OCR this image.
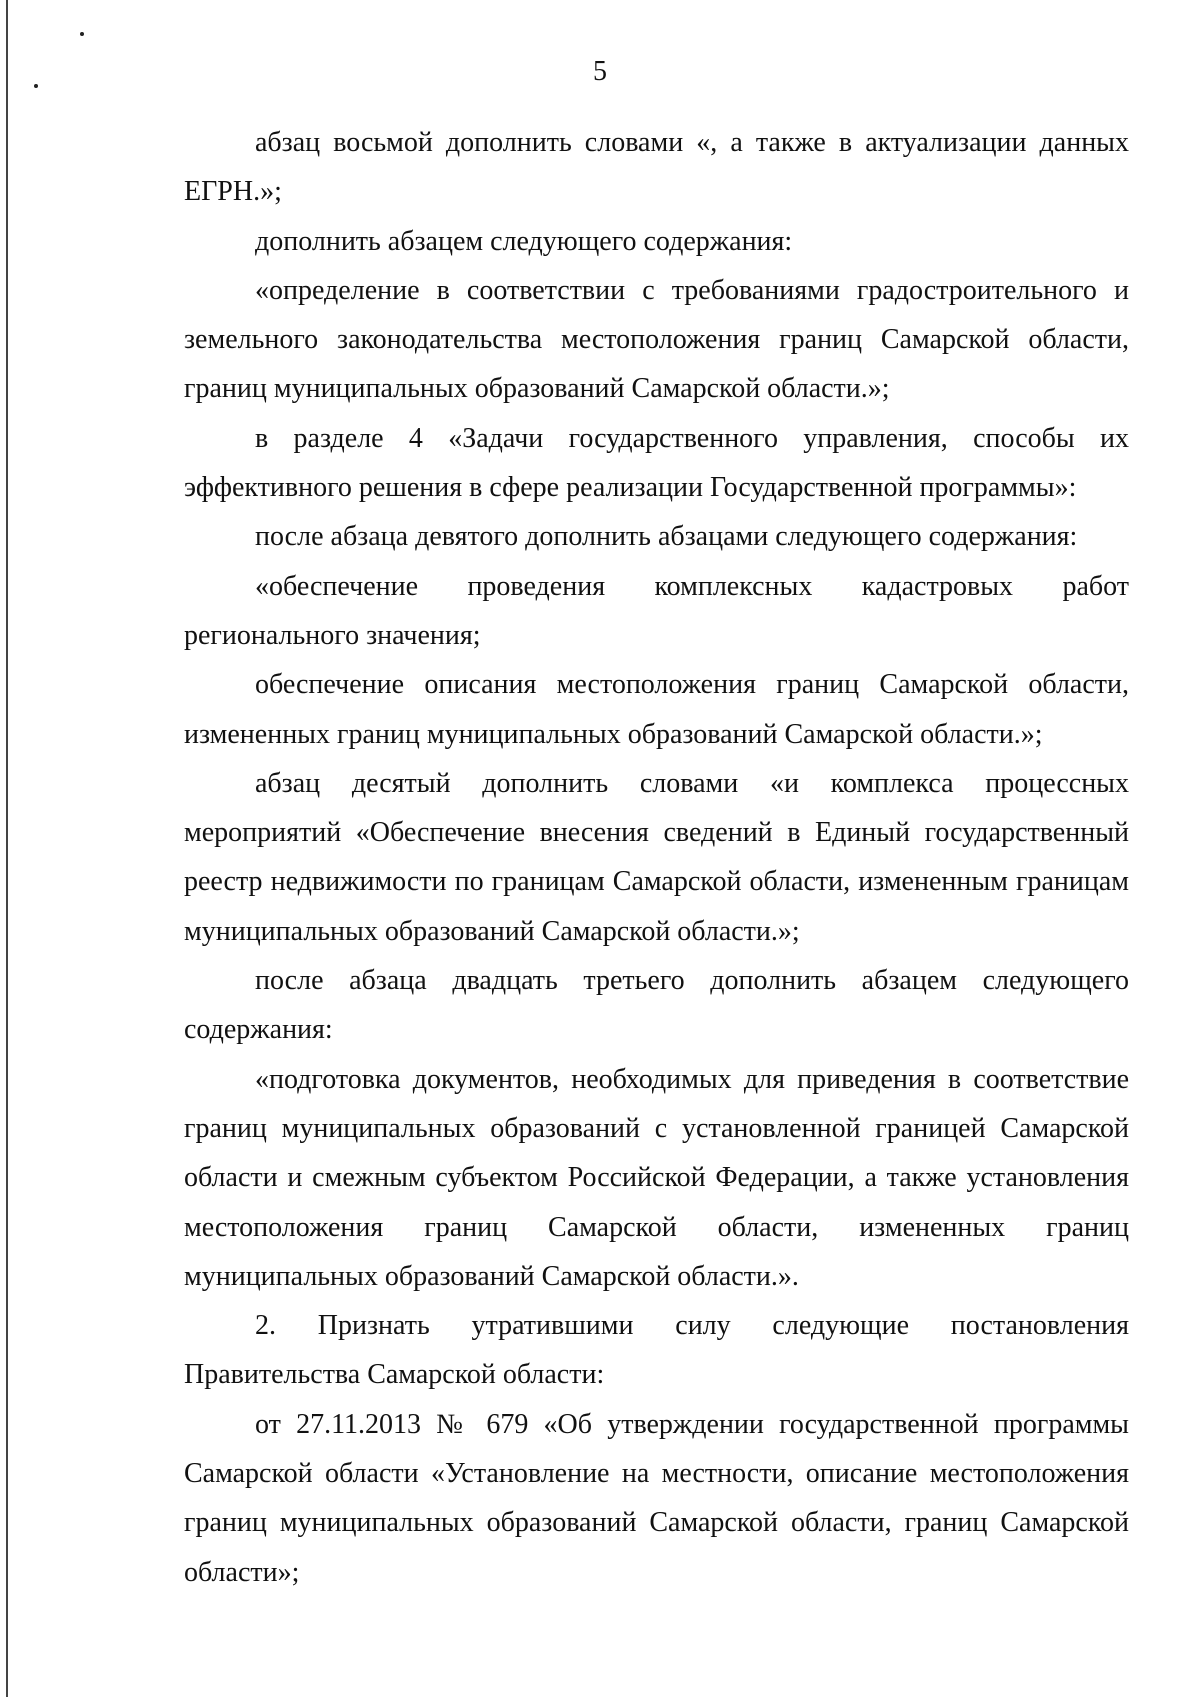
5

абзац восьмой дополнить словами «, а также в актуализации данных ЕГРН.»;

дополнить абзацем следующего содержания:

«определение в соответствии с требованиями градостроительного и земельного законодательства местоположения границ Самарской области, границ муниципальных образований Самарской области.»;

в разделе 4 «Задачи государственного управления, способы их эффективного решения в сфере реализации Государственной программы»:

после абзаца девятого дополнить абзацами следующего содержания:

«обеспечение проведения комплексных кадастровых работ регионального значения;

обеспечение описания местоположения границ Самарской области, измененных границ муниципальных образований Самарской области.»;

абзац десятый дополнить словами «и комплекса процессных мероприятий «Обеспечение внесения сведений в Единый государственный реестр недвижимости по границам Самарской области, измененным границам муниципальных образований Самарской области.»;

после абзаца двадцать третьего дополнить абзацем следующего содержания:

«подготовка документов, необходимых для приведения в соответствие границ муниципальных образований с установленной границей Самарской области и смежным субъектом Российской Федерации, а также установления местоположения границ Самарской области, измененных границ муниципальных образований Самарской области.».

2. Признать утратившими силу следующие постановления Правительства Самарской области:

от 27.11.2013 № 679 «Об утверждении государственной программы Самарской области «Установление на местности, описание местоположения границ муниципальных образований Самарской области, границ Самарской области»;
